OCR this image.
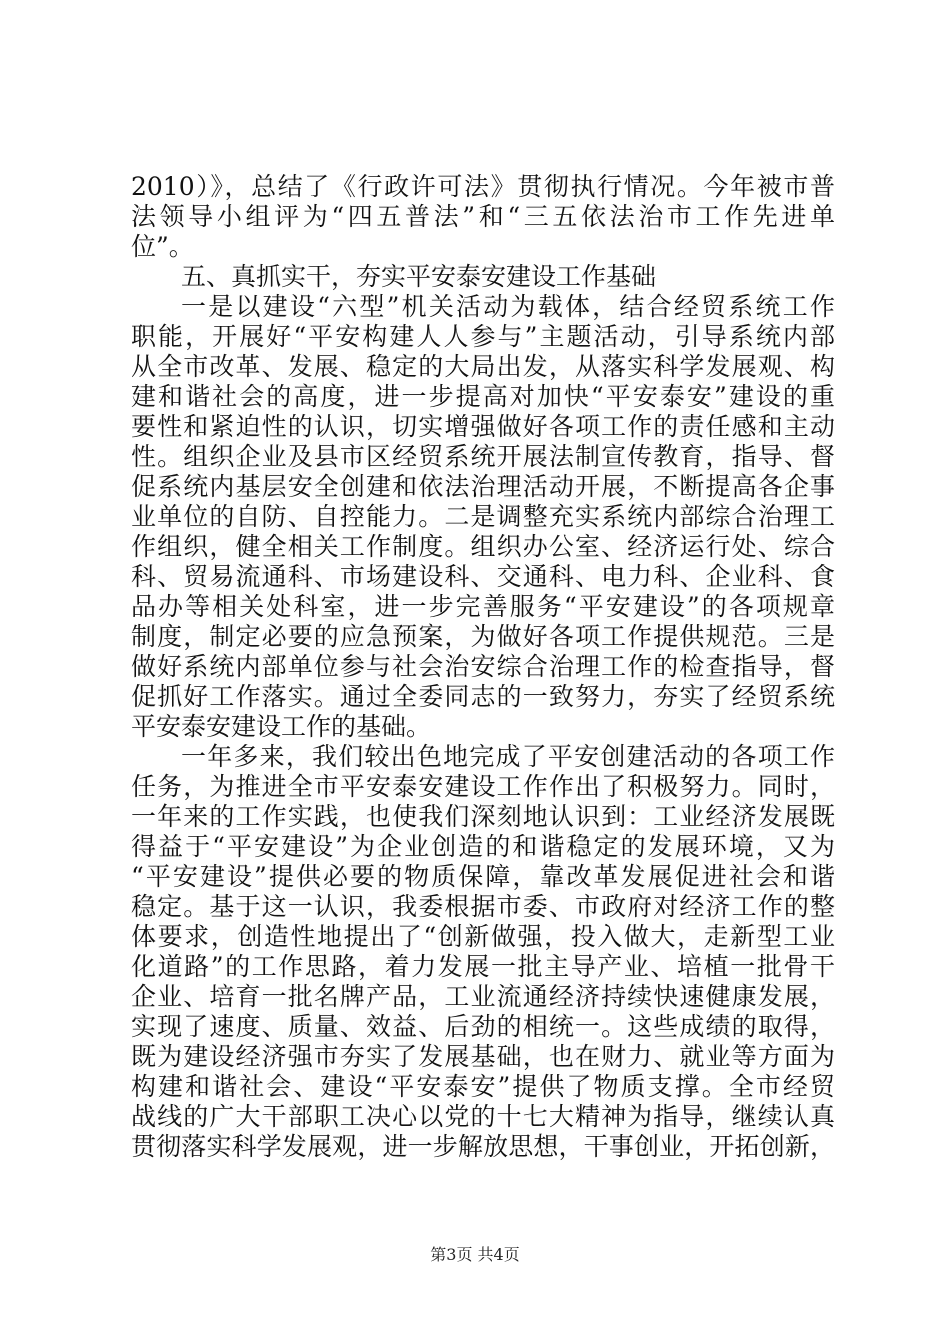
2010）》，总结了《行政许可法》贯彻执行情况。今年被市普
法领导小组评为“四五普法”和“三五依法治市工作先进单
位”。
五、真抓实干，夯实平安泰安建设工作基础
一是以建设“六型”机关活动为载体，结合经贸系统工作
职能，开展好“平安构建人人参与”主题活动，引导系统内部
从全市改革、发展、稳定的大局出发，从落实科学发展观、构
建和谐社会的高度，进一步提高对加快“平安泰安”建设的重
要性和紧迫性的认识，切实增强做好各项工作的责任感和主动
性。组织企业及县市区经贸系统开展法制宣传教育，指导、督
促系统内基层安全创建和依法治理活动开展，不断提高各企事
业单位的自防、自控能力。二是调整充实系统内部综合治理工
作组织，健全相关工作制度。组织办公室、经济运行处、综合
科、贸易流通科、市场建设科、交通科、电力科、企业科、食
品办等相关处科室，进一步完善服务“平安建设”的各项规章
制度，制定必要的应急预案，为做好各项工作提供规范。三是
做好系统内部单位参与社会治安综合治理工作的检查指导，督
促抓好工作落实。通过全委同志的一致努力，夯实了经贸系统
平安泰安建设工作的基础。
一年多来，我们较出色地完成了平安创建活动的各项工作
任务，为推进全市平安泰安建设工作作出了积极努力。同时，
一年来的工作实践，也使我们深刻地认识到：工业经济发展既
得益于“平安建设”为企业创造的和谐稳定的发展环境，又为
“平安建设”提供必要的物质保障，靠改革发展促进社会和谐
稳定。基于这一认识，我委根据市委、市政府对经济工作的整
体要求，创造性地提出了“创新做强，投入做大，走新型工业
化道路”的工作思路，着力发展一批主导产业、培植一批骨干
企业、培育一批名牌产品，工业流通经济持续快速健康发展，
实现了速度、质量、效益、后劲的相统一。这些成绩的取得，
既为建设经济强市夯实了发展基础，也在财力、就业等方面为
构建和谐社会、建设“平安泰安”提供了物质支撑。全市经贸
战线的广大干部职工决心以党的十七大精神为指导，继续认真
贯彻落实科学发展观，进一步解放思想，干事创业，开拓创新，
第3页 共4页
